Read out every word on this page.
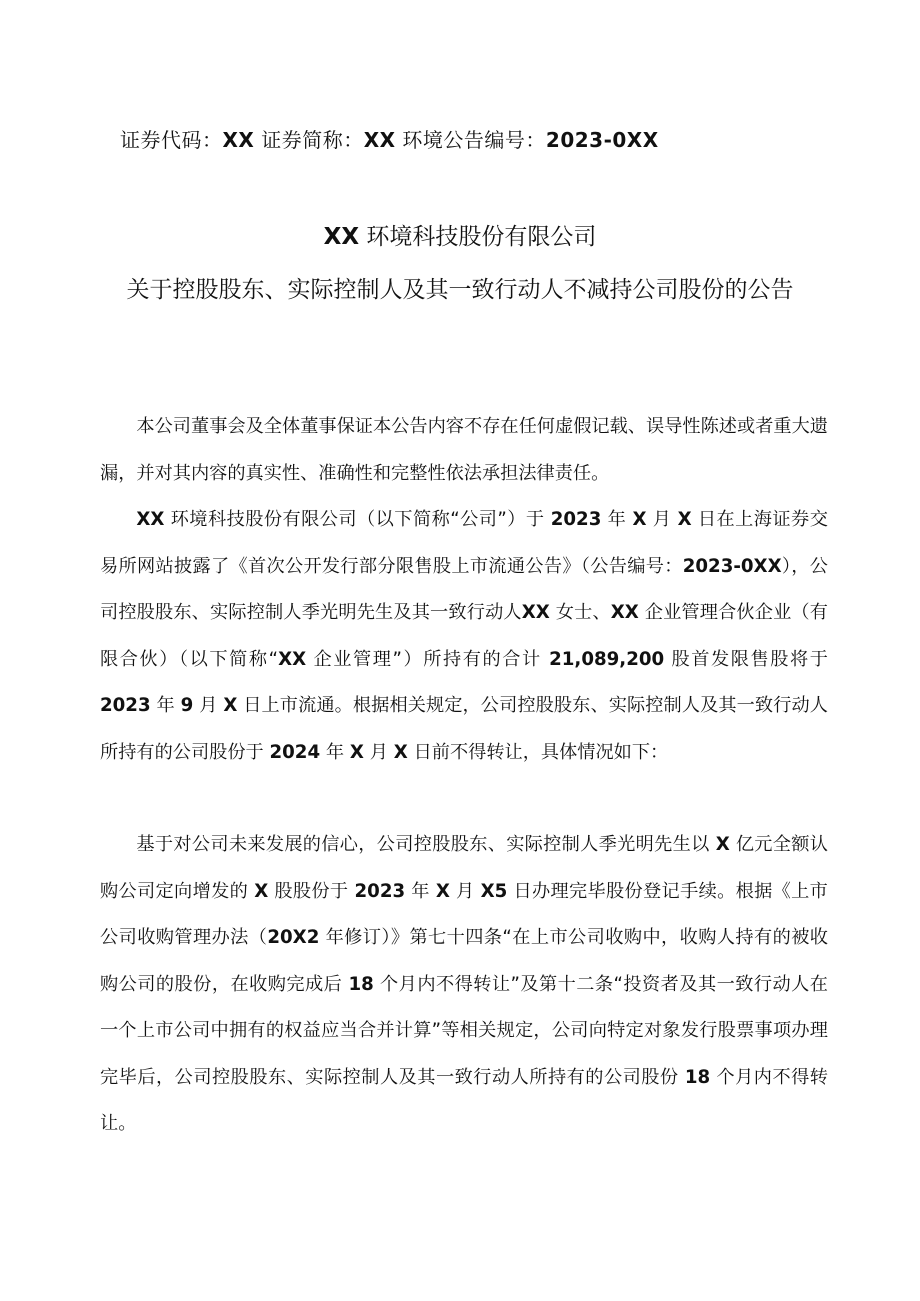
证券代码：XX 证券简称：XX 环境公告编号：2023-0XX
XX 环境科技股份有限公司
关于控股股东、实际控制人及其一致行动人不减持公司股份的公告

本公司董事会及全体董事保证本公告内容不存在任何虚假记载、误导性陈述或者重大遗漏，并对其内容的真实性、准确性和完整性依法承担法律责任。

XX 环境科技股份有限公司（以下简称“公司”）于 2023 年 X 月 X 日在上海证券交易所网站披露了《首次公开发行部分限售股上市流通公告》（公告编号：2023-0XX），公司控股股东、实际控制人季光明先生及其一致行动人XX 女士、XX 企业管理合伙企业（有限合伙）（以下简称“XX 企业管理”）所持有的合计 21,089,200 股首发限售股将于 2023 年 9 月 X 日上市流通。根据相关规定，公司控股股东、实际控制人及其一致行动人所持有的公司股份于 2024 年 X 月 X 日前不得转让，具体情况如下：

基于对公司未来发展的信心，公司控股股东、实际控制人季光明先生以 X 亿元全额认购公司定向增发的 X 股股份于 2023 年 X 月 X5 日办理完毕股份登记手续。根据《上市公司收购管理办法（20X2 年修订）》第七十四条“在上市公司收购中，收购人持有的被收购公司的股份，在收购完成后 18 个月内不得转让”及第十二条“投资者及其一致行动人在一个上市公司中拥有的权益应当合并计算”等相关规定，公司向特定对象发行股票事项办理完毕后，公司控股股东、实际控制人及其一致行动人所持有的公司股份 18 个月内不得转让。
